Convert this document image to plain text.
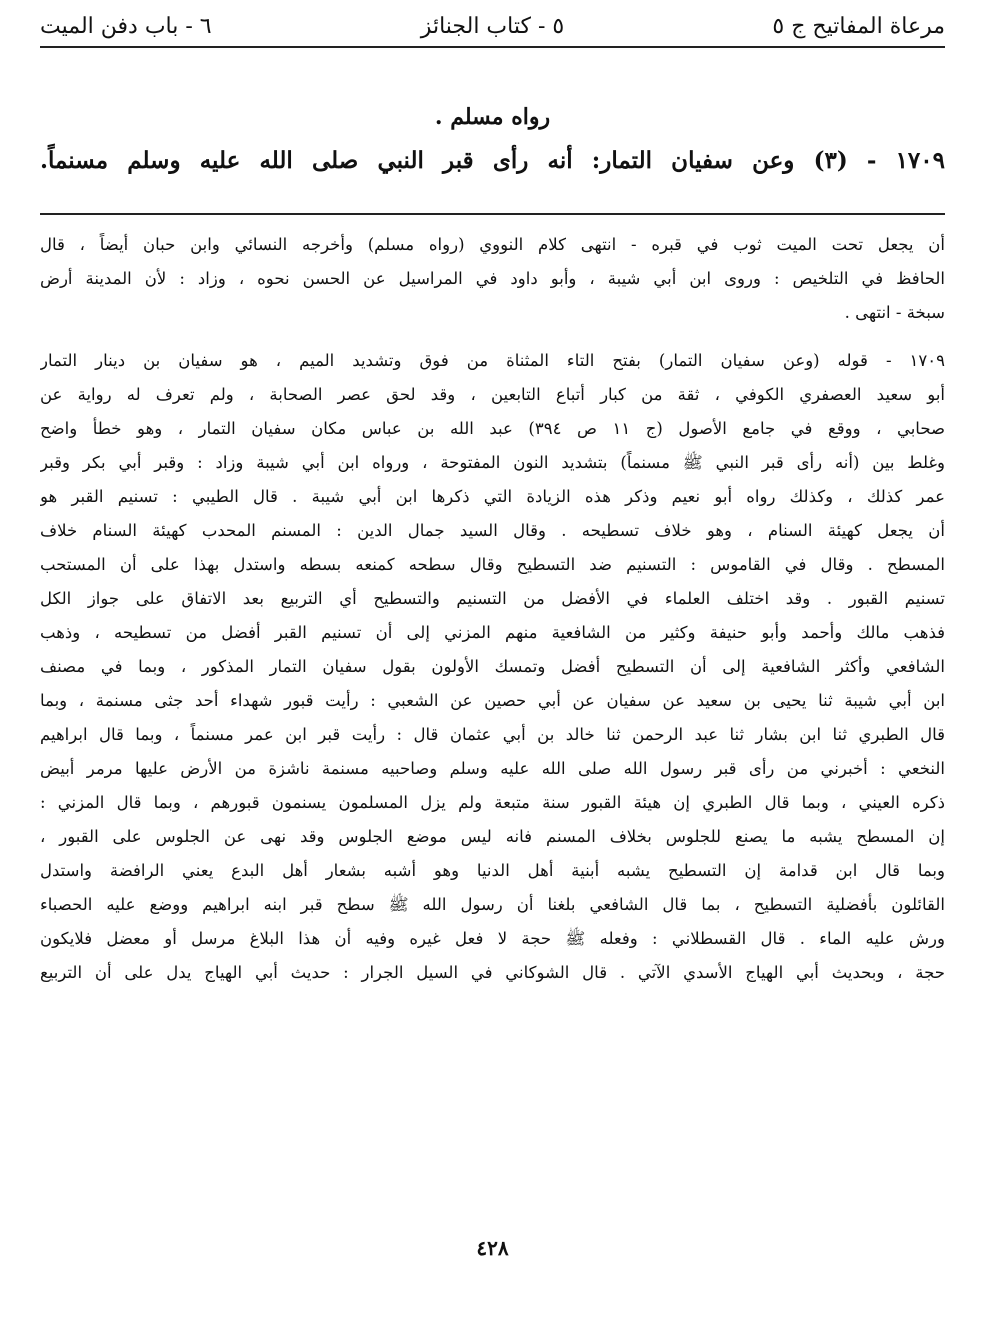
مرعاة المفاتيح ج ٥
٥ - كتاب الجنائز
٦ - باب دفن الميت
رواه مسلم .
١٧٠٩ - (٣) وعن سفيان التمار: أنه رأى قبر النبي صلى الله عليه وسلم مسنماً.
أن يجعل تحت الميت ثوب في قبره - انتهى كلام النووي (رواه مسلم) وأخرجه النسائي وابن حبان أيضاً ، قال
الحافظ في التلخيص : وروى ابن أبي شيبة ، وأبو داود في المراسيل عن الحسن نحوه ، وزاد : لأن المدينة أرض
سبخة - انتهى .
١٧٠٩ - قوله (وعن سفيان التمار) بفتح التاء المثناة من فوق وتشديد الميم ، هو سفيان بن دينار التمار
أبو سعيد العصفري الكوفي ، ثقة من كبار أتباع التابعين ، وقد لحق عصر الصحابة ، ولم تعرف له رواية عن
صحابي ، ووقع في جامع الأصول (ج ١١ ص ٣٩٤) عبد الله بن عباس مكان سفيان التمار ، وهو خطأ واضح
وغلط بين (أنه رأى قبر النبي ﷺ مسنماً) بتشديد النون المفتوحة ، ورواه ابن أبي شيبة وزاد : وقبر أبي بكر وقبر
عمر كذلك ، وكذلك رواه أبو نعيم وذكر هذه الزيادة التي ذكرها ابن أبي شيبة . قال الطيبي : تسنيم القبر هو
أن يجعل كهيئة السنام ، وهو خلاف تسطيحه . وقال السيد جمال الدين : المسنم المحدب كهيئة السنام خلاف
المسطح . وقال في القاموس : التسنيم ضد التسطيح وقال سطحه كمنعه بسطه واستدل بهذا على أن المستحب
تسنيم القبور . وقد اختلف العلماء في الأفضل من التسنيم والتسطيح أي التربيع بعد الاتفاق على جواز الكل
فذهب مالك وأحمد وأبو حنيفة وكثير من الشافعية منهم المزني إلى أن تسنيم القبر أفضل من تسطيحه ، وذهب
الشافعي وأكثر الشافعية إلى أن التسطيح أفضل وتمسك الأولون بقول سفيان التمار المذكور ، وبما في مصنف
ابن أبي شيبة ثنا يحيى بن سعيد عن سفيان عن أبي حصين عن الشعبي : رأيت قبور شهداء أحد جثى مسنمة ، وبما
قال الطبري ثنا ابن بشار ثنا عبد الرحمن ثنا خالد بن أبي عثمان قال : رأيت قبر ابن عمر مسنماً ، وبما قال ابراهيم
النخعي : أخبرني من رأى قبر رسول الله صلى الله عليه وسلم وصاحبيه مسنمة ناشزة من الأرض عليها مرمر أبيض
ذكره العيني ، وبما قال الطبري إن هيئة القبور سنة متبعة ولم يزل المسلمون يسنمون قبورهم ، وبما قال المزني :
إن المسطح يشبه ما يصنع للجلوس بخلاف المسنم فانه ليس موضع الجلوس وقد نهى عن الجلوس على القبور ،
وبما قال ابن قدامة إن التسطيح يشبه أبنية أهل الدنيا وهو أشبه بشعار أهل البدع يعني الرافضة واستدل
القائلون بأفضلية التسطيح ، بما قال الشافعي بلغنا أن رسول الله ﷺ سطح قبر ابنه ابراهيم ووضع عليه الحصباء
ورش عليه الماء . قال القسطلاني : وفعله ﷺ حجة لا فعل غيره وفيه أن هذا البلاغ مرسل أو معضل فلايكون
حجة ، وبحديث أبي الهياج الأسدي الآتي . قال الشوكاني في السيل الجرار : حديث أبي الهياج يدل على أن التربيع
٤٢٨
